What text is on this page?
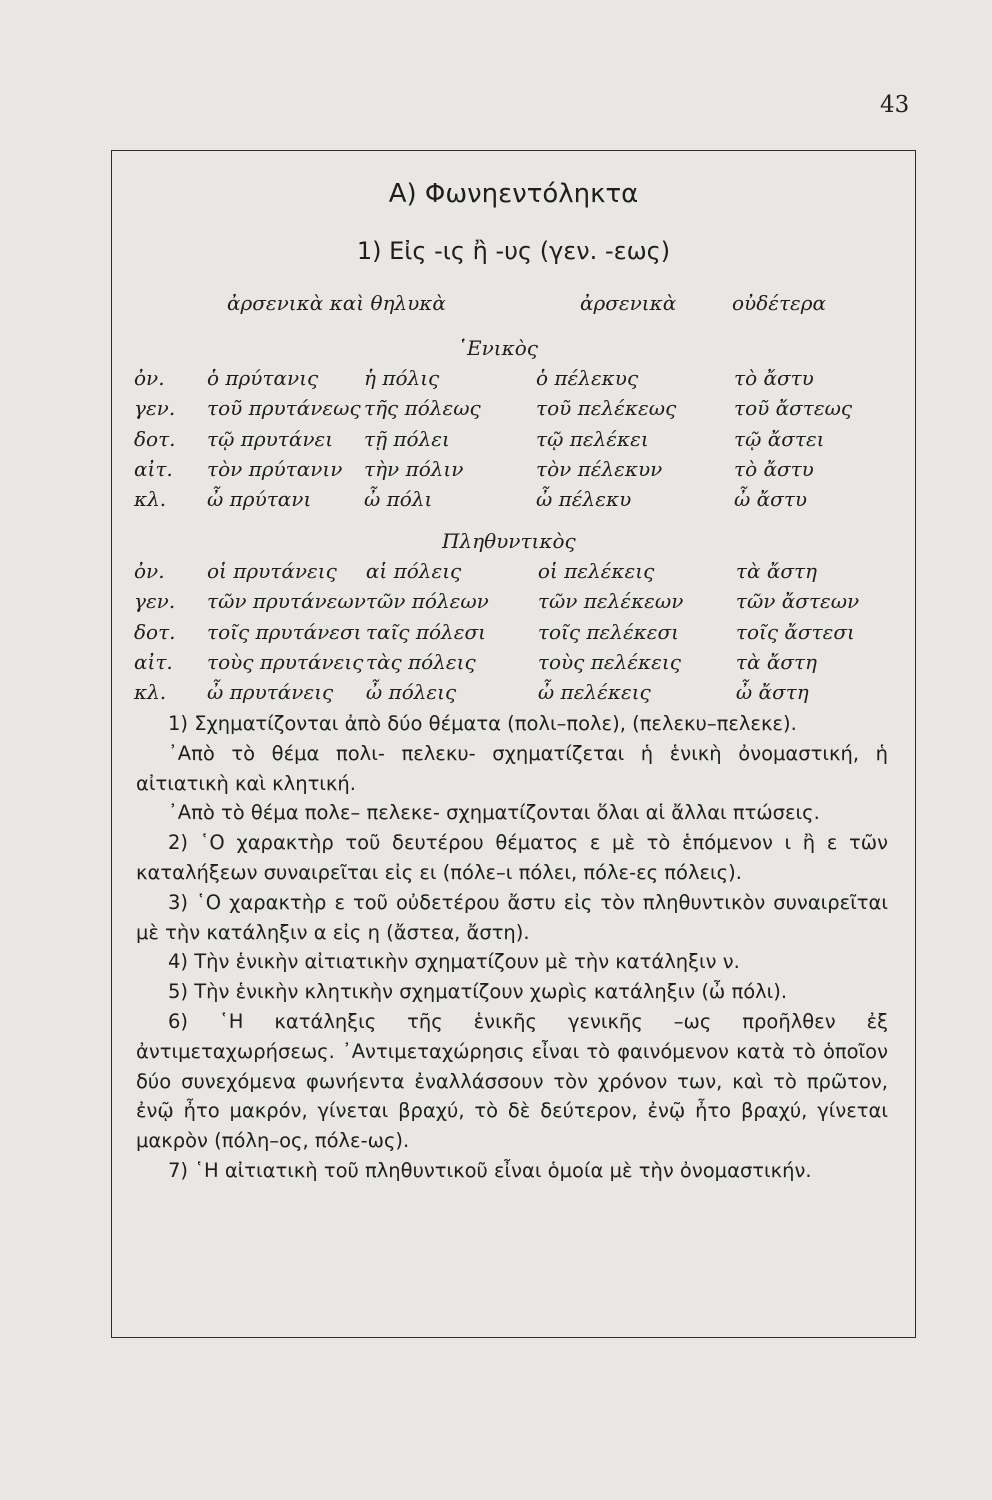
43
Α) Φωνηεντόληκτα
1) Εἰς -ις ἢ -υς (γεν. -εως)
ἀρσενικὰ καὶ θηλυκὰ	ἀρσενικὰ	οὐδέτερα
῾Ενικὸς
ὀν.	ὁ πρύτανις	ἡ πόλις	ὁ πέλεκυς	τὸ ἄστυ
γεν.	τοῦ πρυτάνεως	τῆς πόλεως	τοῦ πελέκεως	τοῦ ἄστεως
δοτ.	τῷ πρυτάνει	τῇ πόλει	τῷ πελέκει	τῷ ἄστει
αἰτ.	τὸν πρύτανιν	τὴν πόλιν	τὸν πέλεκυν	τὸ ἄστυ
κλ.	ὦ πρύτανι	ὦ πόλι	ὦ πέλεκυ	ὦ ἄστυ
Πληθυντικὸς
ὀν.	οἱ πρυτάνεις	αἱ πόλεις	οἱ πελέκεις	τὰ ἄστη
γεν.	τῶν πρυτάνεων	τῶν πόλεων	τῶν πελέκεων	τῶν ἄστεων
δοτ.	τοῖς πρυτάνεσι	ταῖς πόλεσι	τοῖς πελέκεσι	τοῖς ἄστεσι
αἰτ.	τοὺς πρυτάνεις	τὰς πόλεις	τοὺς πελέκεις	τὰ ἄστη
κλ.	ὦ πρυτάνεις	ὦ πόλεις	ὦ πελέκεις	ὦ ἄστη

1) Σχηματίζονται ἀπὸ δύο θέματα (πολι–πολε), (πελεκυ–πελεκε).

᾿Απὸ τὸ θέμα πολι- πελεκυ- σχηματίζεται ἡ ἑνικὴ ὀνομαστική, ἡ αἰτιατικὴ καὶ κλητική.

᾿Απὸ τὸ θέμα πολε– πελεκε- σχηματίζονται ὅλαι αἱ ἄλλαι πτώσεις.

2) ῾Ο χαρακτὴρ τοῦ δευτέρου θέματος ε μὲ τὸ ἑπόμενον ι ἢ ε τῶν καταλήξεων συναιρεῖται εἰς ει (πόλε–ι πόλει, πόλε-ες πόλεις).

3) ῾Ο χαρακτὴρ ε τοῦ οὐδετέρου ἄστυ εἰς τὸν πληθυντικὸν συναιρεῖται μὲ τὴν κατάληξιν α εἰς η (ἄστεα, ἄστη).

4) Τὴν ἑνικὴν αἰτιατικὴν σχηματίζουν μὲ τὴν κατάληξιν ν.

5) Τὴν ἑνικὴν κλητικὴν σχηματίζουν χωρὶς κατάληξιν (ὦ πόλι).

6) ῾Η κατάληξις τῆς ἑνικῆς γενικῆς –ως προῆλθεν ἐξ ἀντιμεταχωρήσεως. ᾿Αντιμεταχώρησις εἶναι τὸ φαινόμενον κατὰ τὸ ὁποῖον δύο συνεχόμενα φωνήεντα ἐναλλάσσουν τὸν χρόνον των, καὶ τὸ πρῶτον, ἐνῷ ἦτο μακρόν, γίνεται βραχύ, τὸ δὲ δεύτερον, ἐνῷ ἦτο βραχύ, γίνεται μακρὸν (πόλη–ος, πόλε-ως).

7) ῾Η αἰτιατικὴ τοῦ πληθυντικοῦ εἶναι ὁμοία μὲ τὴν ὀνομαστικήν.
